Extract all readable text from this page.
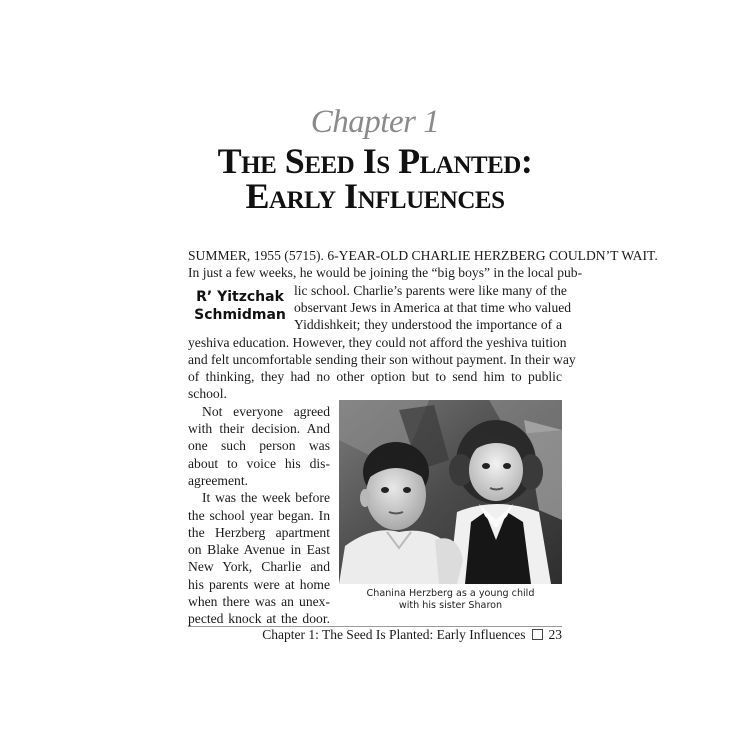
Chapter 1
The Seed Is Planted:
Early Influences
SUMMER, 1955 (5715). 6-YEAR-OLD CHARLIE HERZBERG COULDN’T WAIT.
In just a few weeks, he would be joining the “big boys” in the local pub-
lic school. Charlie’s parents were like many of the
observant Jews in America at that time who valued
Yiddishkeit; they understood the importance of a
yeshiva education. However, they could not afford the yeshiva tuition
and felt uncomfortable sending their son without payment. In their way
of thinking, they had no other option but to send him to public
school.
R’ Yitzchak
Schmidman
Not everyone agreed
with their decision. And
one such person was
about to voice his dis-
agreement.
It was the week before
the school year began. In
the Herzberg apartment
on Blake Avenue in East
New York, Charlie and
his parents were at home
when there was an unex-
pected knock at the door.
Chanina Herzberg as a young child
with his sister Sharon
Chapter 1: The Seed Is Planted: Early Influences 23
